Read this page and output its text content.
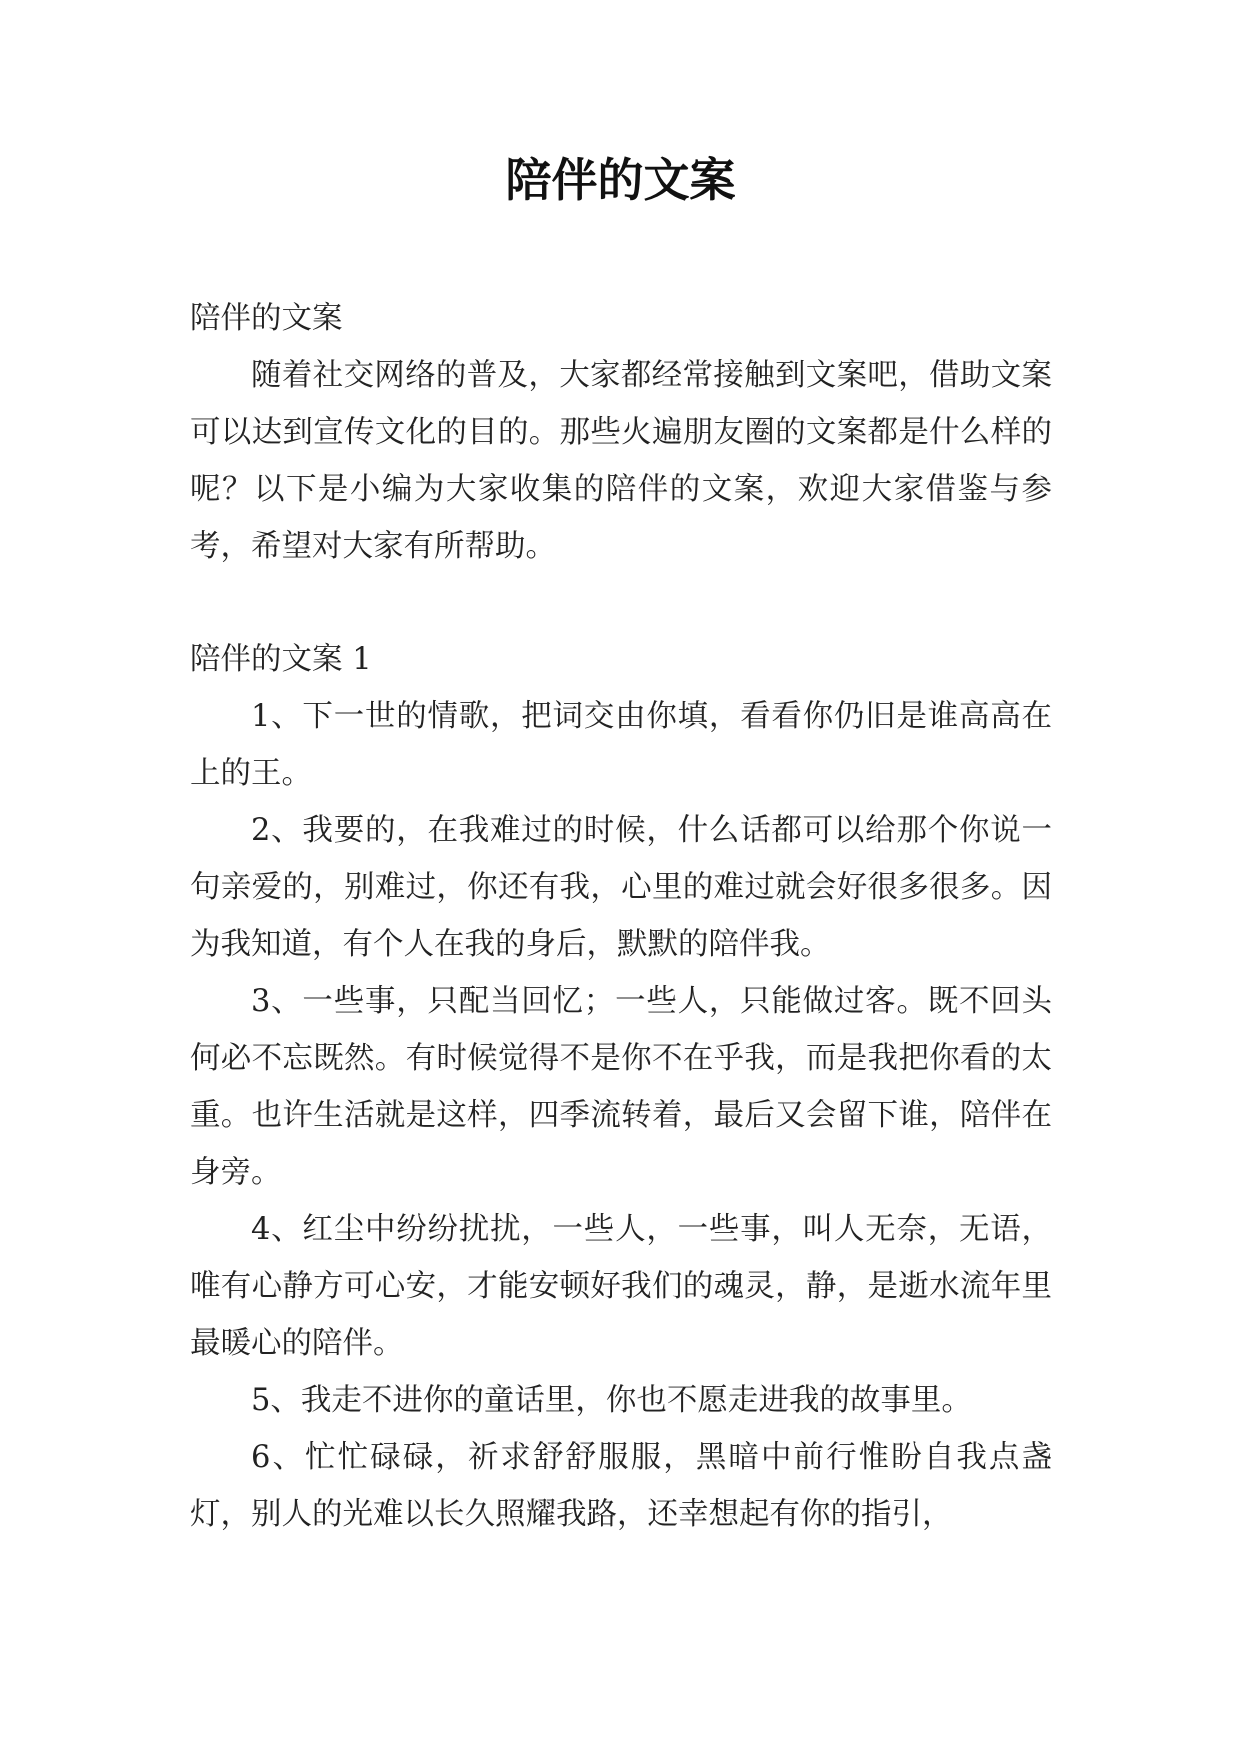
陪伴的文案

陪伴的文案

随着社交网络的普及，大家都经常接触到文案吧，借助文案可以达到宣传文化的目的。那些火遍朋友圈的文案都是什么样的呢？以下是小编为大家收集的陪伴的文案，欢迎大家借鉴与参考，希望对大家有所帮助。

陪伴的文案 1

1、下一世的情歌，把词交由你填，看看你仍旧是谁高高在上的王。

2、我要的，在我难过的时候，什么话都可以给那个你说一句亲爱的，别难过，你还有我，心里的难过就会好很多很多。因为我知道，有个人在我的身后，默默的陪伴我。

3、一些事，只配当回忆；一些人，只能做过客。既不回头何必不忘既然。有时候觉得不是你不在乎我，而是我把你看的太重。也许生活就是这样，四季流转着，最后又会留下谁，陪伴在身旁。

4、红尘中纷纷扰扰，一些人，一些事，叫人无奈，无语，唯有心静方可心安，才能安顿好我们的魂灵，静，是逝水流年里最暖心的陪伴。

5、我走不进你的童话里，你也不愿走进我的故事里。

6、忙忙碌碌，祈求舒舒服服，黑暗中前行惟盼自我点盏灯，别人的光难以长久照耀我路，还幸想起有你的指引，
